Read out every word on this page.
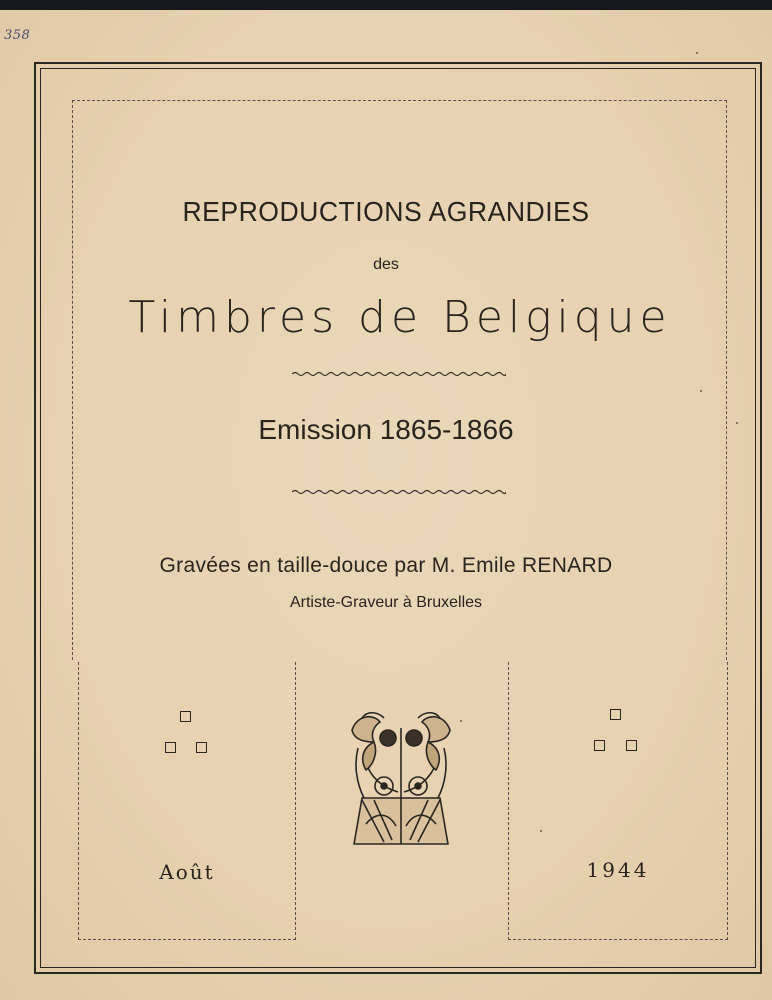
358
REPRODUCTIONS AGRANDIES
des
Timbres de Belgique
Emission 1865-1866
Gravées en taille-douce par M. Emile RENARD
Artiste-Graveur à Bruxelles
Août	1944
